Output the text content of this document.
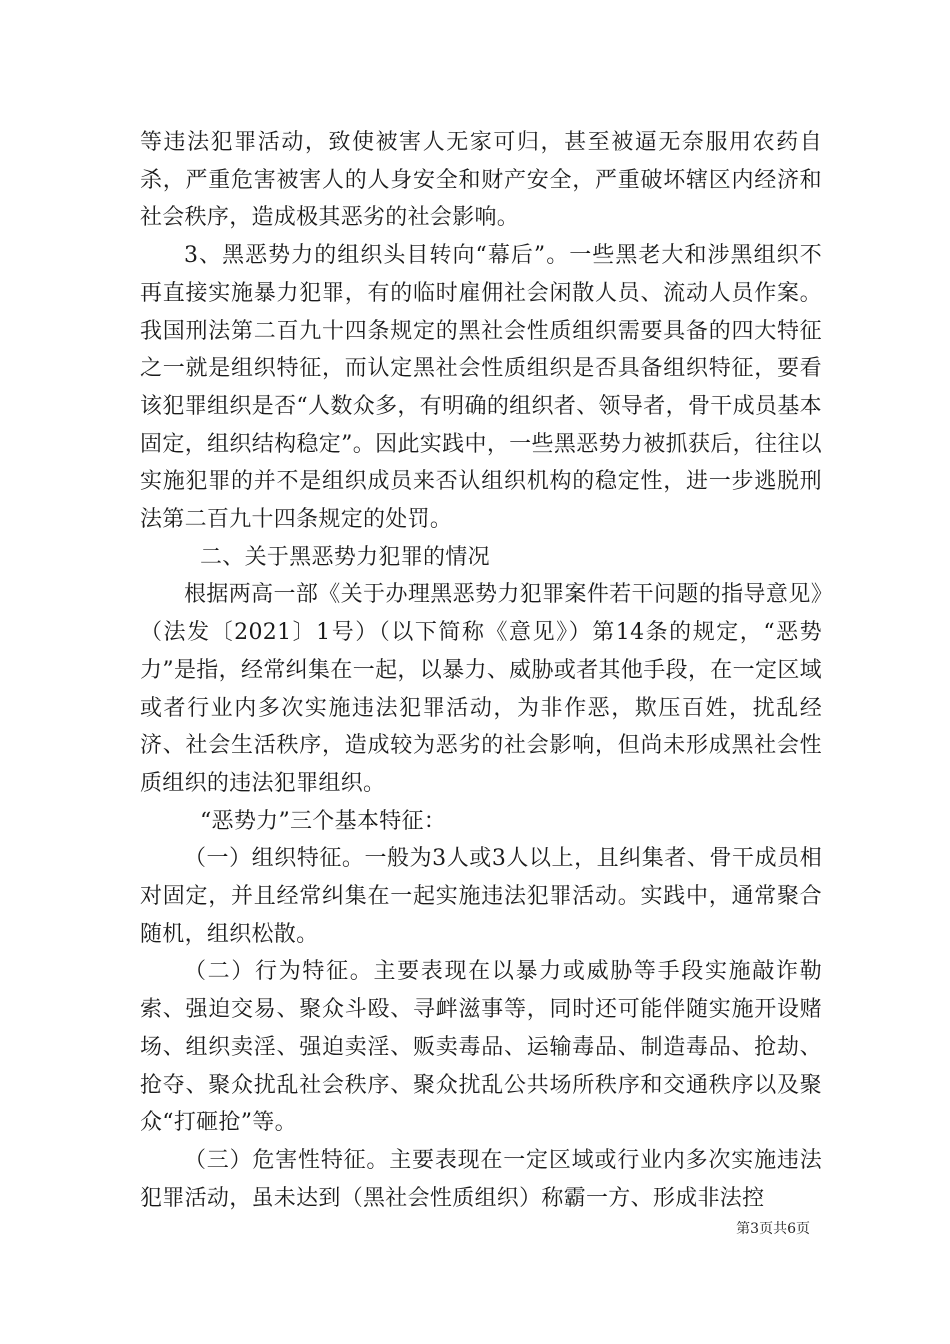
等违法犯罪活动，致使被害人无家可归，甚至被逼无奈服用农药自杀，严重危害被害人的人身安全和财产安全，严重破坏辖区内经济和社会秩序，造成极其恶劣的社会影响。

3、黑恶势力的组织头目转向“幕后”。一些黑老大和涉黑组织不再直接实施暴力犯罪，有的临时雇佣社会闲散人员、流动人员作案。我国刑法第二百九十四条规定的黑社会性质组织需要具备的四大特征之一就是组织特征，而认定黑社会性质组织是否具备组织特征，要看该犯罪组织是否“人数众多，有明确的组织者、领导者，骨干成员基本固定，组织结构稳定”。因此实践中，一些黑恶势力被抓获后，往往以实施犯罪的并不是组织成员来否认组织机构的稳定性，进一步逃脱刑法第二百九十四条规定的处罚。

二、关于黑恶势力犯罪的情况

根据两高一部《关于办理黑恶势力犯罪案件若干问题的指导意见》（法发〔2021〕1号）（以下简称《意见》）第14条的规定，“恶势力”是指，经常纠集在一起，以暴力、威胁或者其他手段，在一定区域或者行业内多次实施违法犯罪活动，为非作恶，欺压百姓，扰乱经济、社会生活秩序，造成较为恶劣的社会影响，但尚未形成黑社会性质组织的违法犯罪组织。

“恶势力”三个基本特征：

（一）组织特征。一般为3人或3人以上，且纠集者、骨干成员相对固定，并且经常纠集在一起实施违法犯罪活动。实践中，通常聚合随机，组织松散。

（二）行为特征。主要表现在以暴力或威胁等手段实施敲诈勒索、强迫交易、聚众斗殴、寻衅滋事等，同时还可能伴随实施开设赌场、组织卖淫、强迫卖淫、贩卖毒品、运输毒品、制造毒品、抢劫、抢夺、聚众扰乱社会秩序、聚众扰乱公共场所秩序和交通秩序以及聚众“打砸抢”等。

（三）危害性特征。主要表现在一定区域或行业内多次实施违法犯罪活动，虽未达到（黑社会性质组织）称霸一方、形成非法控

第3页共6页
